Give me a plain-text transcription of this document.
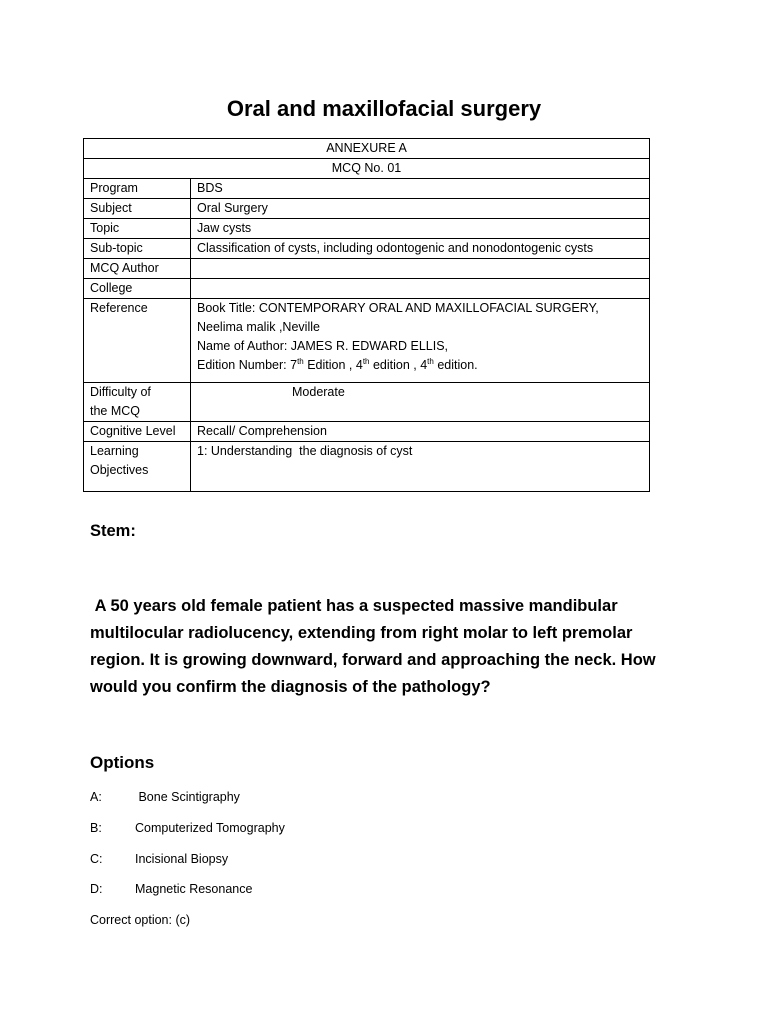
Oral and maxillofacial surgery
ANNEXURE A	
MCQ No. 01	
Program	BDS
Subject	Oral Surgery
Topic	Jaw cysts
Sub-topic	Classification of cysts, including odontogenic and nonodontogenic cysts
MCQ Author	
College	
Reference	Book Title: CONTEMPORARY ORAL AND MAXILLOFACIAL SURGERY,
Neelima malik ,Neville
Name of Author: JAMES R. EDWARD ELLIS,
Edition Number: 7th Edition , 4th edition , 4th edition.

Difficulty of
the MCQ	Moderate

Cognitive Level	Recall/ Comprehension

Learning
Objectives	1: Understanding  the diagnosis of cyst
Stem:
A 50 years old female patient has a suspected massive mandibular multilocular radiolucency, extending from right molar to left premolar region. It is growing downward, forward and approaching the neck. How would you confirm the diagnosis of the pathology?
Options
A:	Bone Scintigraphy
B:	Computerized Tomography
C:	Incisional Biopsy
D:	Magnetic Resonance
Correct option: (c)
